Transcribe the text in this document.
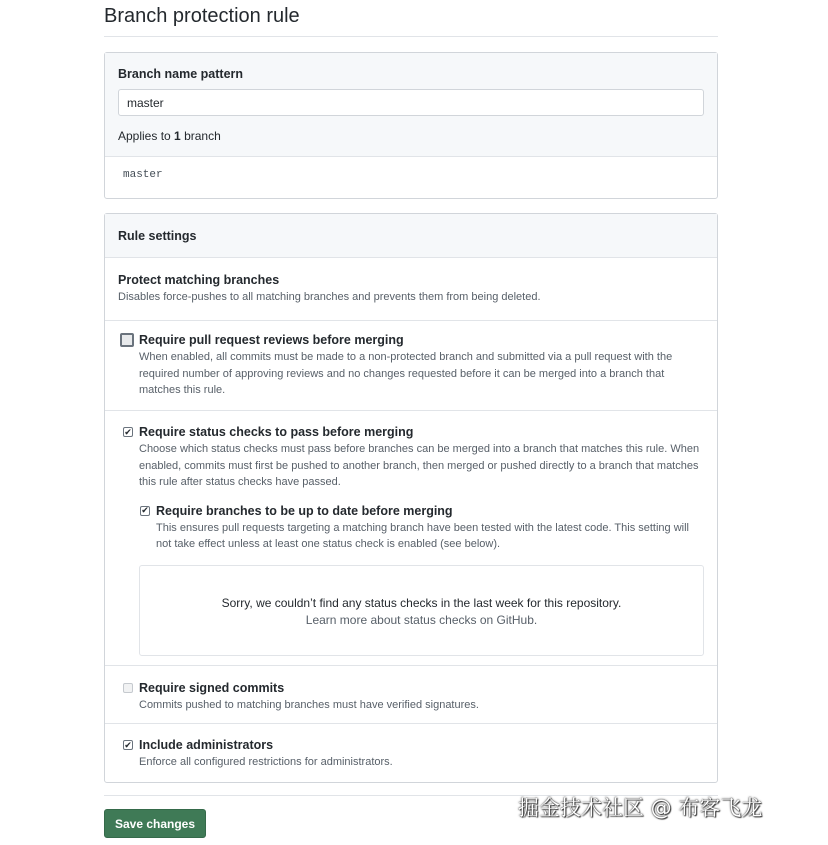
Branch protection rule
Branch name pattern
master
Applies to 1 branch
master
Rule settings
Protect matching branches
Disables force-pushes to all matching branches and prevents them from being deleted.
Require pull request reviews before merging
When enabled, all commits must be made to a non-protected branch and submitted via a pull request with the required number of approving reviews and no changes requested before it can be merged into a branch that matches this rule.
✔ Require status checks to pass before merging
Choose which status checks must pass before branches can be merged into a branch that matches this rule. When enabled, commits must first be pushed to another branch, then merged or pushed directly to a branch that matches this rule after status checks have passed.
✔ Require branches to be up to date before merging
This ensures pull requests targeting a matching branch have been tested with the latest code. This setting will not take effect unless at least one status check is enabled (see below).
Sorry, we couldn’t find any status checks in the last week for this repository.
Learn more about status checks on GitHub.
Require signed commits
Commits pushed to matching branches must have verified signatures.
✔ Include administrators
Enforce all configured restrictions for administrators.
Save changes
掘金技术社区 @ 布客飞龙
